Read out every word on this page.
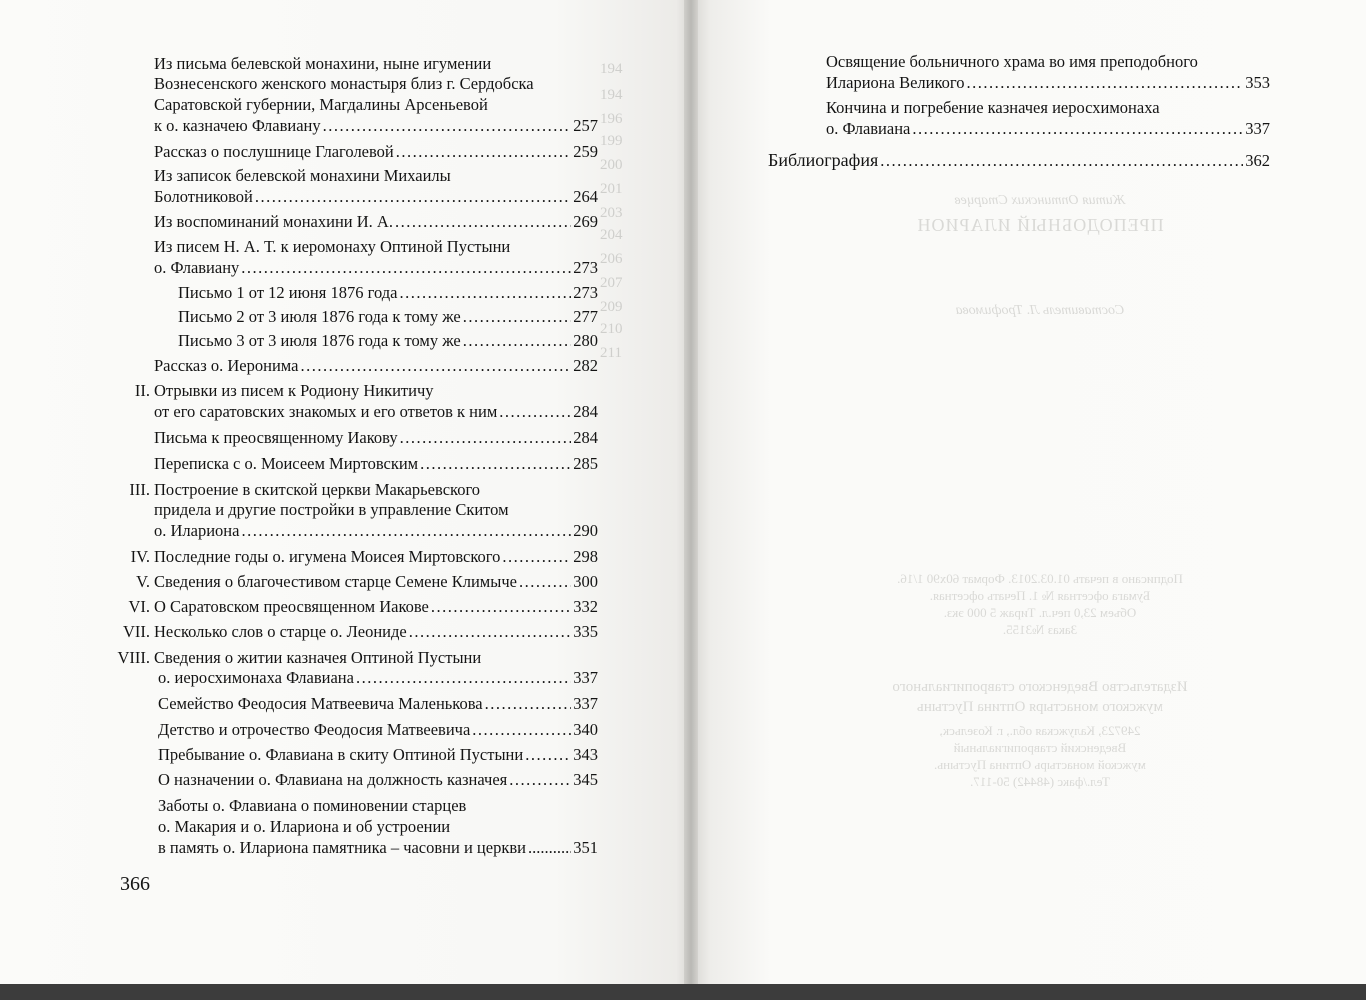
194
194
196
199
200
201
203
204
206
207
209
210
211
Жития Оптинских Старцев
ПРЕПОДОБНЫЙ ИЛАРИОН
Составитель Л. Трофимова
Подписано в печать 01.03.2013. Формат 60х90 1/16.
Бумага офсетная № 1. Печать офсетная.
Объем 23,0 печ.л. Тираж 5 000 экз.
Заказ №3155.
Издательство Введенского ставропигиального
мужского монастыря Оптина Пустынь
249723, Калужская обл., г. Козельск,
Введенский ставропигиальный
мужской монастырь Оптина Пустынь.
Тел./факс (48442) 50-117.
Из письма белевской монахини, ныне игумении
Вознесенского женского монастыря близ г. Сердобска
Саратовской губернии, Магдалины Арсеньевой
к о. казначею Флавиану .....	257
Рассказ о послушнице Глаголевой .....	259
Из записок белевской монахини Михаилы
Болотниковой .....	264
Из воспоминаний монахини И. А. .....	269
Из писем Н. А. Т. к иеромонаху Оптиной Пустыни
о. Флавиану .....	273
Письмо 1 от 12 июня 1876 года .....	273
Письмо 2 от 3 июля 1876 года к тому же .....	277
Письмо 3 от 3 июля 1876 года к тому же .....	280
Рассказ о. Иеронима .....	282
II. Отрывки из писем к Родиону Никитичу
от его саратовских знакомых и его ответов к ним .....	284
Письма к преосвященному Иакову .....	284
Переписка с о. Моисеем Миртовским .....	285
III. Построение в скитской церкви Макарьевского
придела и другие постройки в управление Скитом
о. Илариона .....	290
IV. Последние годы о. игумена Моисея Миртовского .....	298
V. Сведения о благочестивом старце Семене Климыче .....	300
VI. О Саратовском преосвященном Иакове .....	332
VII. Несколько слов о старце о. Леониде .....	335
VIII. Сведения о житии казначея Оптиной Пустыни
о. иеросхимонаха Флавиана .....	337
Семейство Феодосия Матвеевича Маленькова .....	337
Детство и отрочество Феодосия Матвеевича .....	340
Пребывание о. Флавиана в скиту Оптиной Пустыни .....	343
О назначении о. Флавиана на должность казначея .....	345
Заботы о. Флавиана о поминовении старцев
о. Макария и о. Илариона и об устроении
в память о. Илариона памятника – часовни и церкви .....	351
366
Освящение больничного храма во имя преподобного
Илариона Великого .....	353
Кончина и погребение казначея иеросхимонаха
о. Флавиана .....	337
Библиография .....	362
